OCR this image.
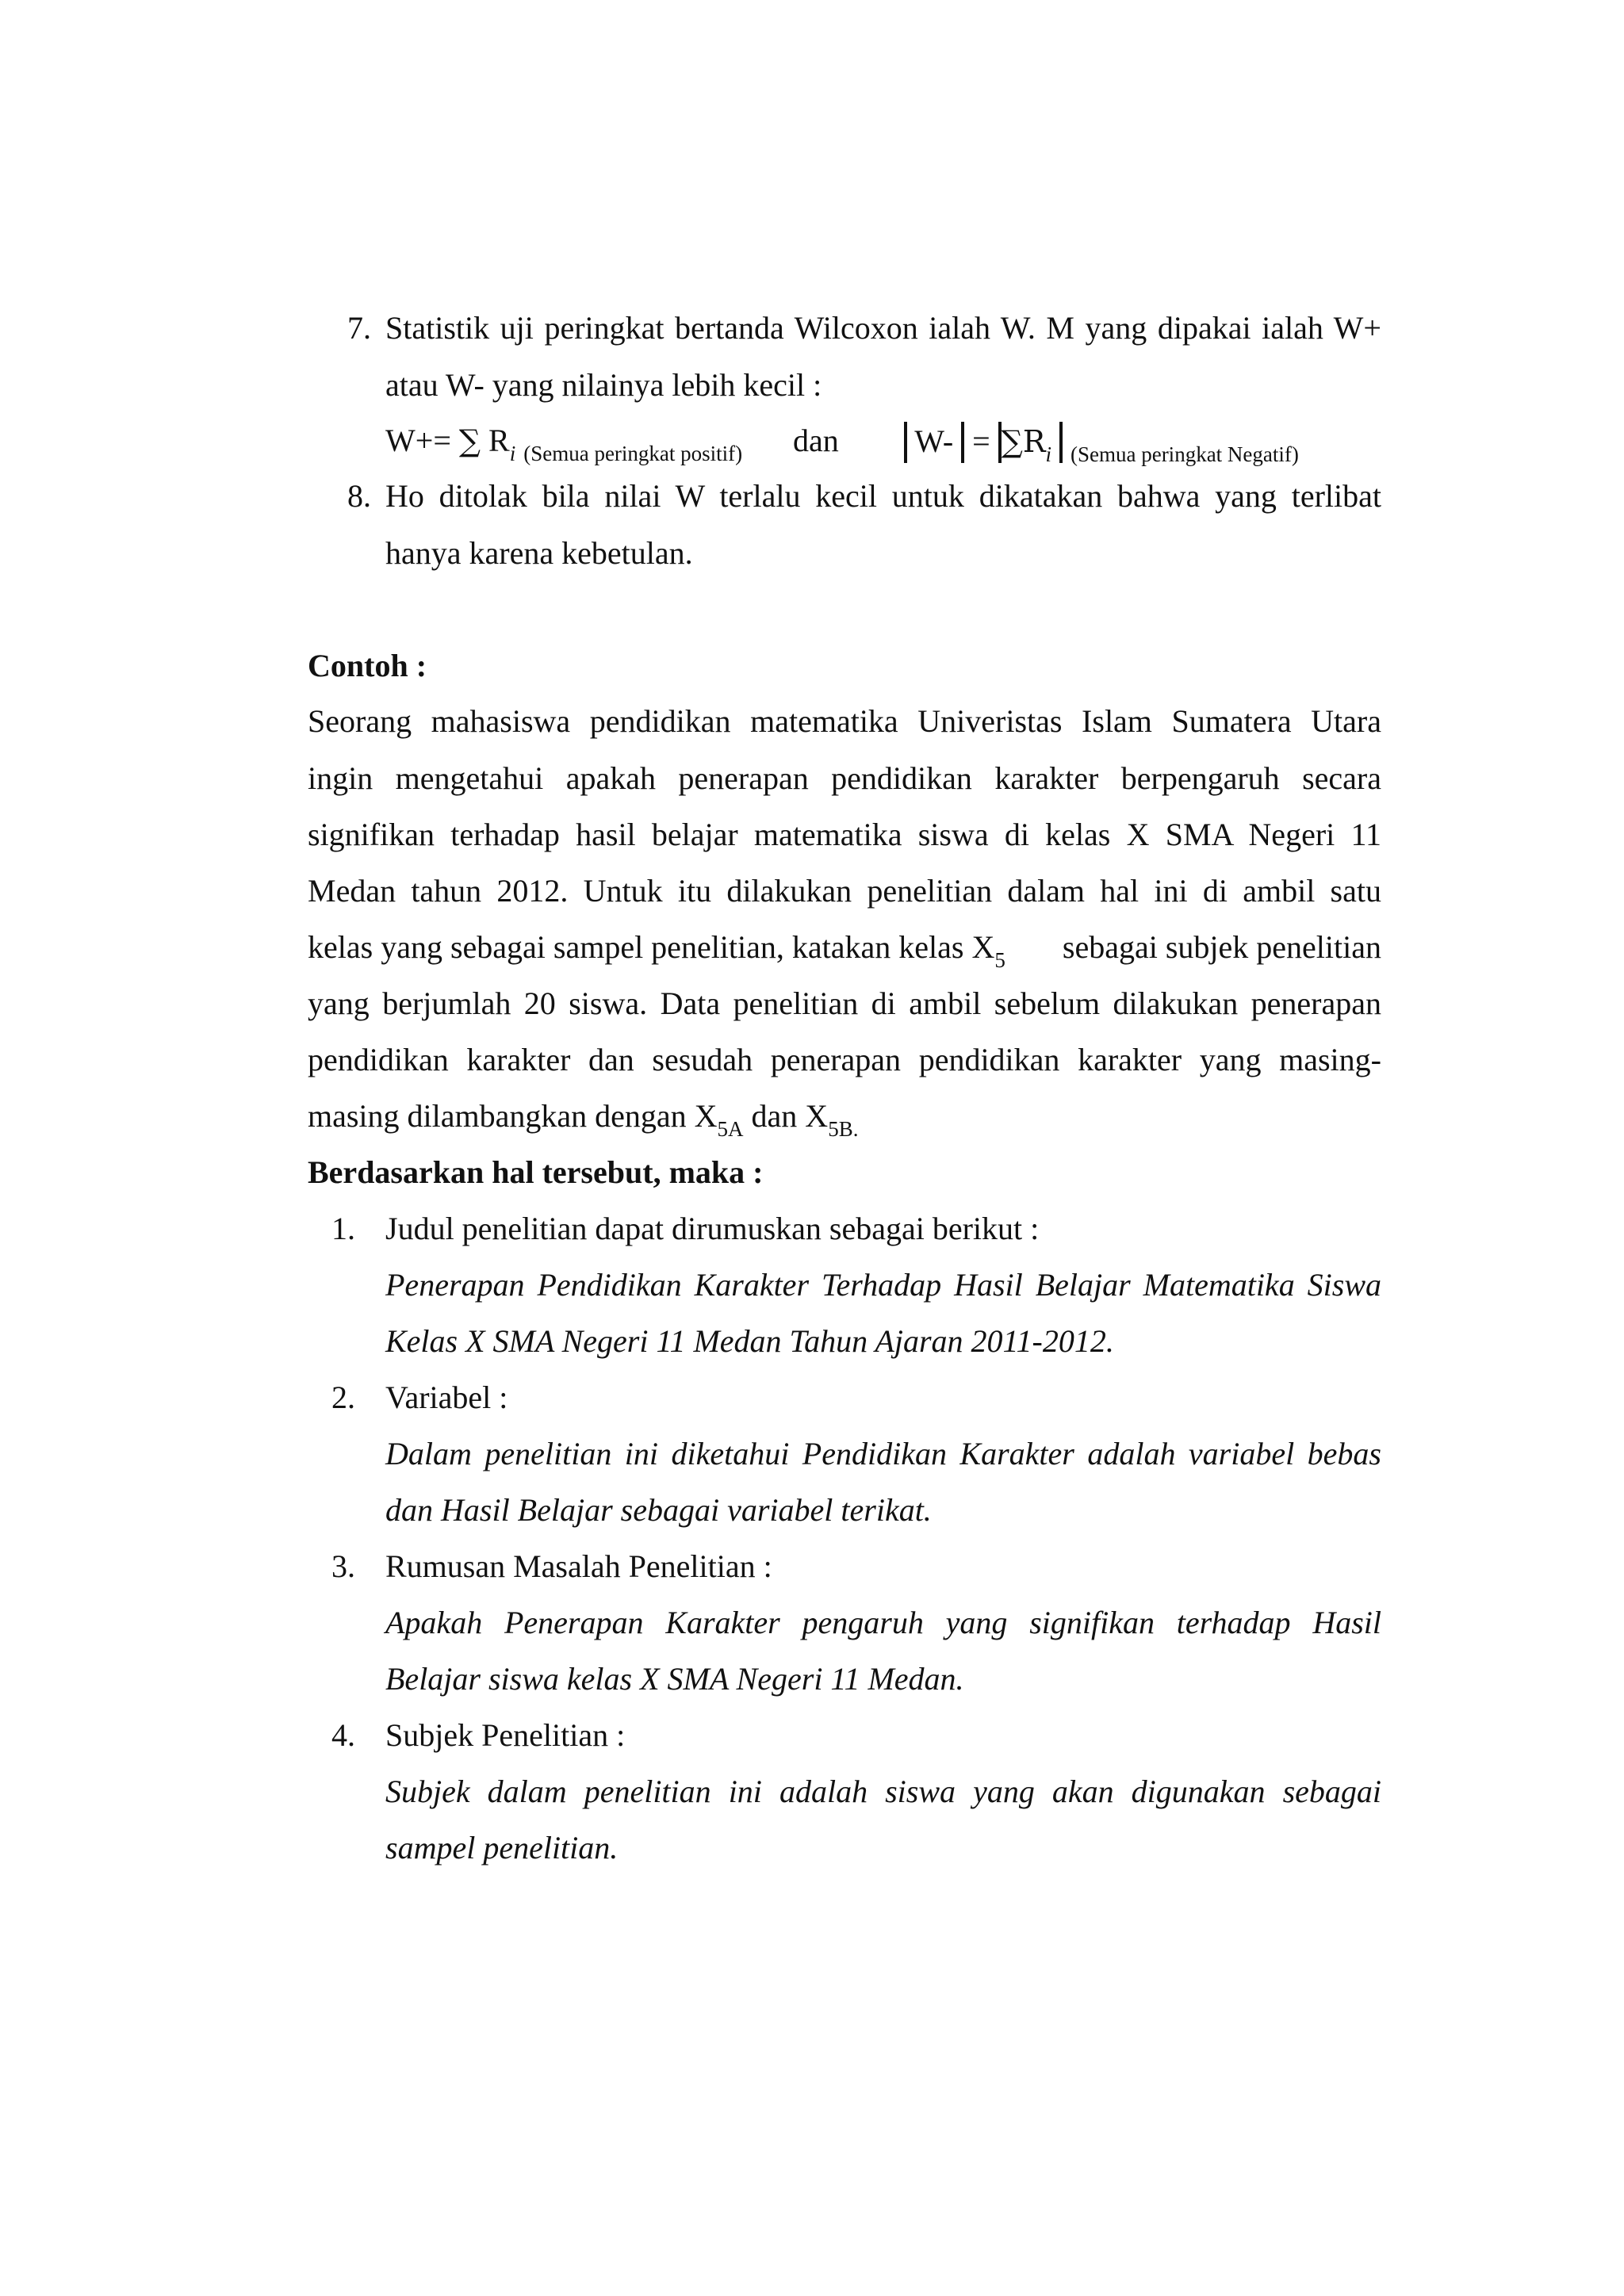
7. Statistik uji peringkat bertanda Wilcoxon ialah W. M yang dipakai ialah W+
atau W- yang nilainya lebih kecil :
W+= ∑ $R_i$ $_{(Semua peringkat positif)}$ dan	$W- = \sum R_i$ $_{(Semua peringkat Negatif)}$
8. Ho ditolak bila nilai W terlalu kecil untuk dikatakan bahwa yang terlibat
hanya karena kebetulan.
Contoh :
Seorang mahasiswa pendidikan matematika Univeristas Islam Sumatera Utara
ingin mengetahui apakah penerapan pendidikan karakter berpengaruh secara
signifikan terhadap hasil belajar matematika siswa di kelas X SMA Negeri 11
Medan tahun 2012. Untuk itu dilakukan penelitian dalam hal ini di ambil satu
kelas yang sebagai sampel penelitian, katakan kelas $X_5$ sebagai subjek penelitian
yang berjumlah 20 siswa. Data penelitian di ambil sebelum dilakukan penerapan
pendidikan karakter dan sesudah penerapan pendidikan karakter yang masing-
masing dilambangkan dengan $X_{5A}$ dan $X_{5B.}$
Berdasarkan hal tersebut, maka :
1. Judul penelitian dapat dirumuskan sebagai berikut :
Penerapan Pendidikan Karakter Terhadap Hasil Belajar Matematika Siswa
Kelas X SMA Negeri 11 Medan Tahun Ajaran 2011-2012.
2. Variabel :
Dalam penelitian ini diketahui Pendidikan Karakter adalah variabel bebas
dan Hasil Belajar sebagai variabel terikat.
3. Rumusan Masalah Penelitian :
Apakah Penerapan Karakter pengaruh yang signifikan terhadap Hasil
Belajar siswa kelas X SMA Negeri 11 Medan.
4. Subjek Penelitian :
Subjek dalam penelitian ini adalah siswa yang akan digunakan sebagai
sampel penelitian.
